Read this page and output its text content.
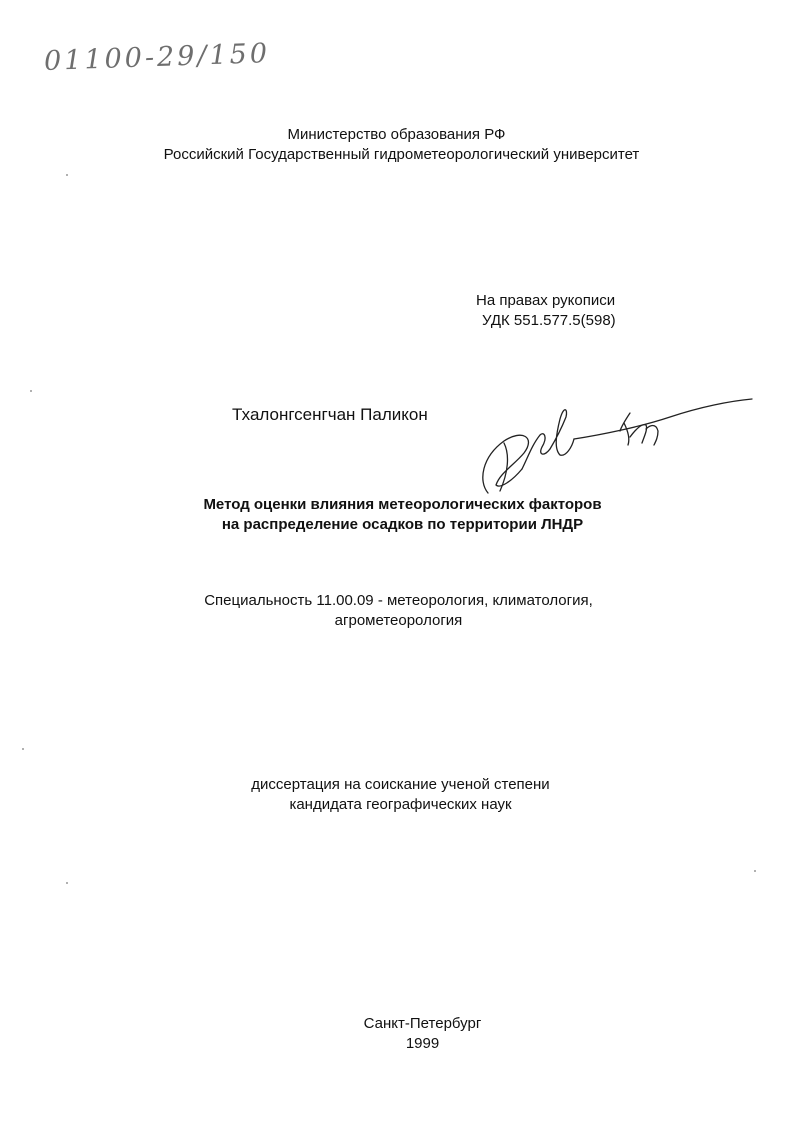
01100-29/150
Министерство образования РФ
Российский Государственный гидрометеорологический университет
На правах рукописи
УДК 551.577.5(598)
Тхалонгсенгчан Паликон
Метод оценки влияния метеорологических факторов
на распределение осадков по территории ЛНДР
Специальность 11.00.09 - метеорология, климатология,
агрометеорология
диссертация на соискание ученой степени
кандидата географических наук
Санкт-Петербург
1999
